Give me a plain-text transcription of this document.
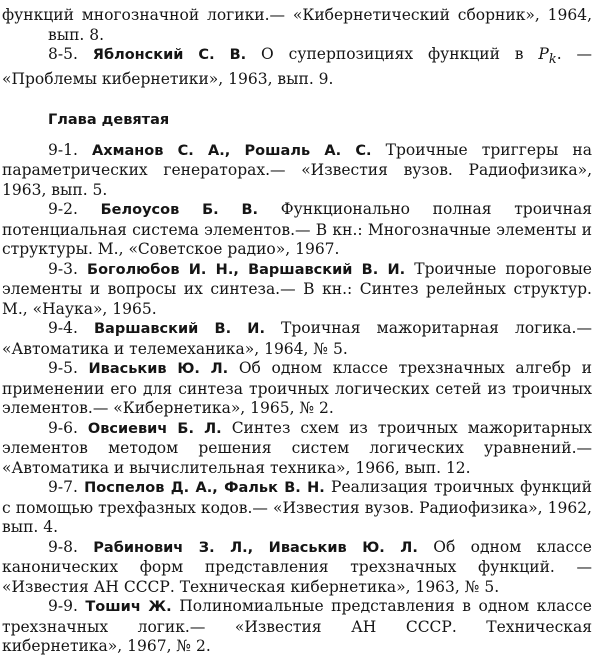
функций многозначной логики.— «Кибернетический сборник», 1964, вып. 8.

8-5. Яблонский С. В. О суперпозициях функций в $P_k$. — «Проблемы кибернетики», 1963, вып. 9.

Глава девятая

9-1. Ахманов С. А., Рошаль А. С. Троичные триггеры на параметрических генераторах.— «Известия вузов. Радиофизика», 1963, вып. 5.

9-2. Белоусов Б. В. Функционально полная троичная потенциальная система элементов.— В кн.: Многозначные элементы и структуры. М., «Советское радио», 1967.

9-3. Боголюбов И. Н., Варшавский В. И. Троичные пороговые элементы и вопросы их синтеза.— В кн.: Синтез релейных структур. М., «Наука», 1965.

9-4. Варшавский В. И. Троичная мажоритарная логика.— «Автоматика и телемеханика», 1964, № 5.

9-5. Иваськив Ю. Л. Об одном классе трехзначных алгебр и применении его для синтеза троичных логических сетей из троичных элементов.— «Кибернетика», 1965, № 2.

9-6. Овсиевич Б. Л. Синтез схем из троичных мажоритарных элементов методом решения систем логических уравнений.— «Автоматика и вычислительная техника», 1966, вып. 12.

9-7. Поспелов Д. А., Фальк В. Н. Реализация троичных функций с помощью трехфазных кодов.— «Известия вузов. Радиофизика», 1962, вып. 4.

9-8. Рабинович З. Л., Иваськив Ю. Л. Об одном классе канонических форм представления трехзначных функций. — «Известия АН СССР. Техническая кибернетика», 1963, № 5.

9-9. Тошич Ж. Полиномиальные представления в одном классе трехзначных логик.— «Известия АН СССР. Техническая кибернетика», 1967, № 2.
